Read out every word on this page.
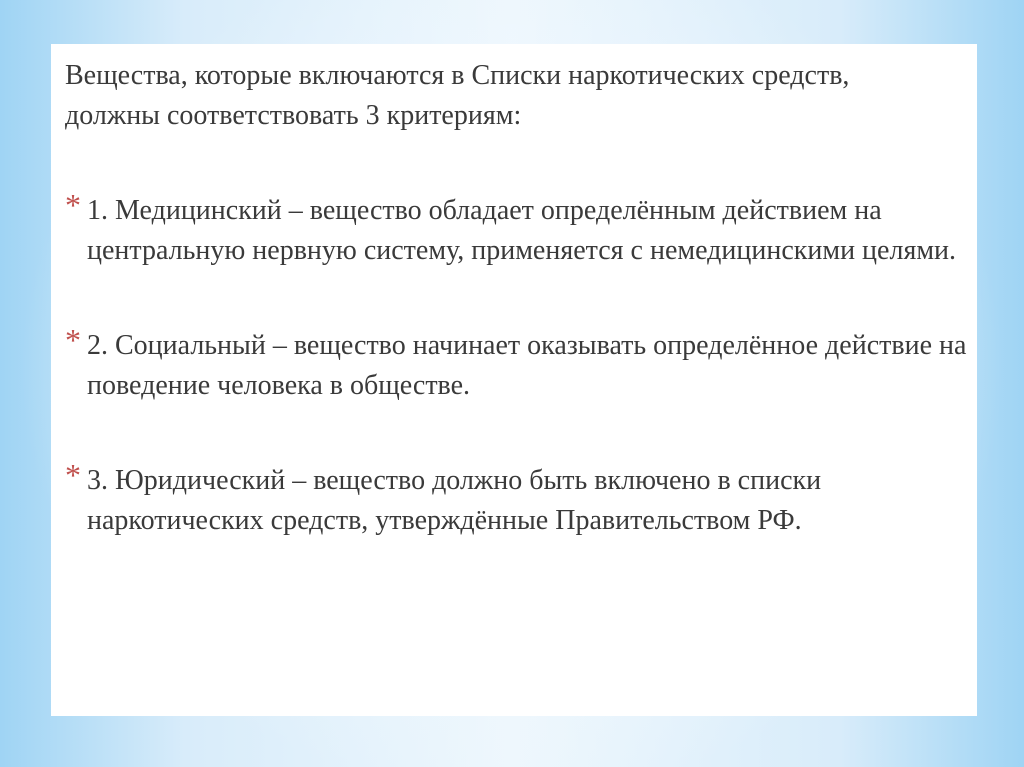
Вещества, которые включаются в Списки наркотических средств, должны соответствовать 3 критериям:

* 1. Медицинский – вещество обладает определённым действием на центральную нервную систему, применяется с немедицинскими целями.
* 2. Социальный – вещество начинает оказывать определённое действие на поведение человека в обществе.
* 3. Юридический – вещество должно быть включено в списки наркотических средств, утверждённые Правительством РФ.
